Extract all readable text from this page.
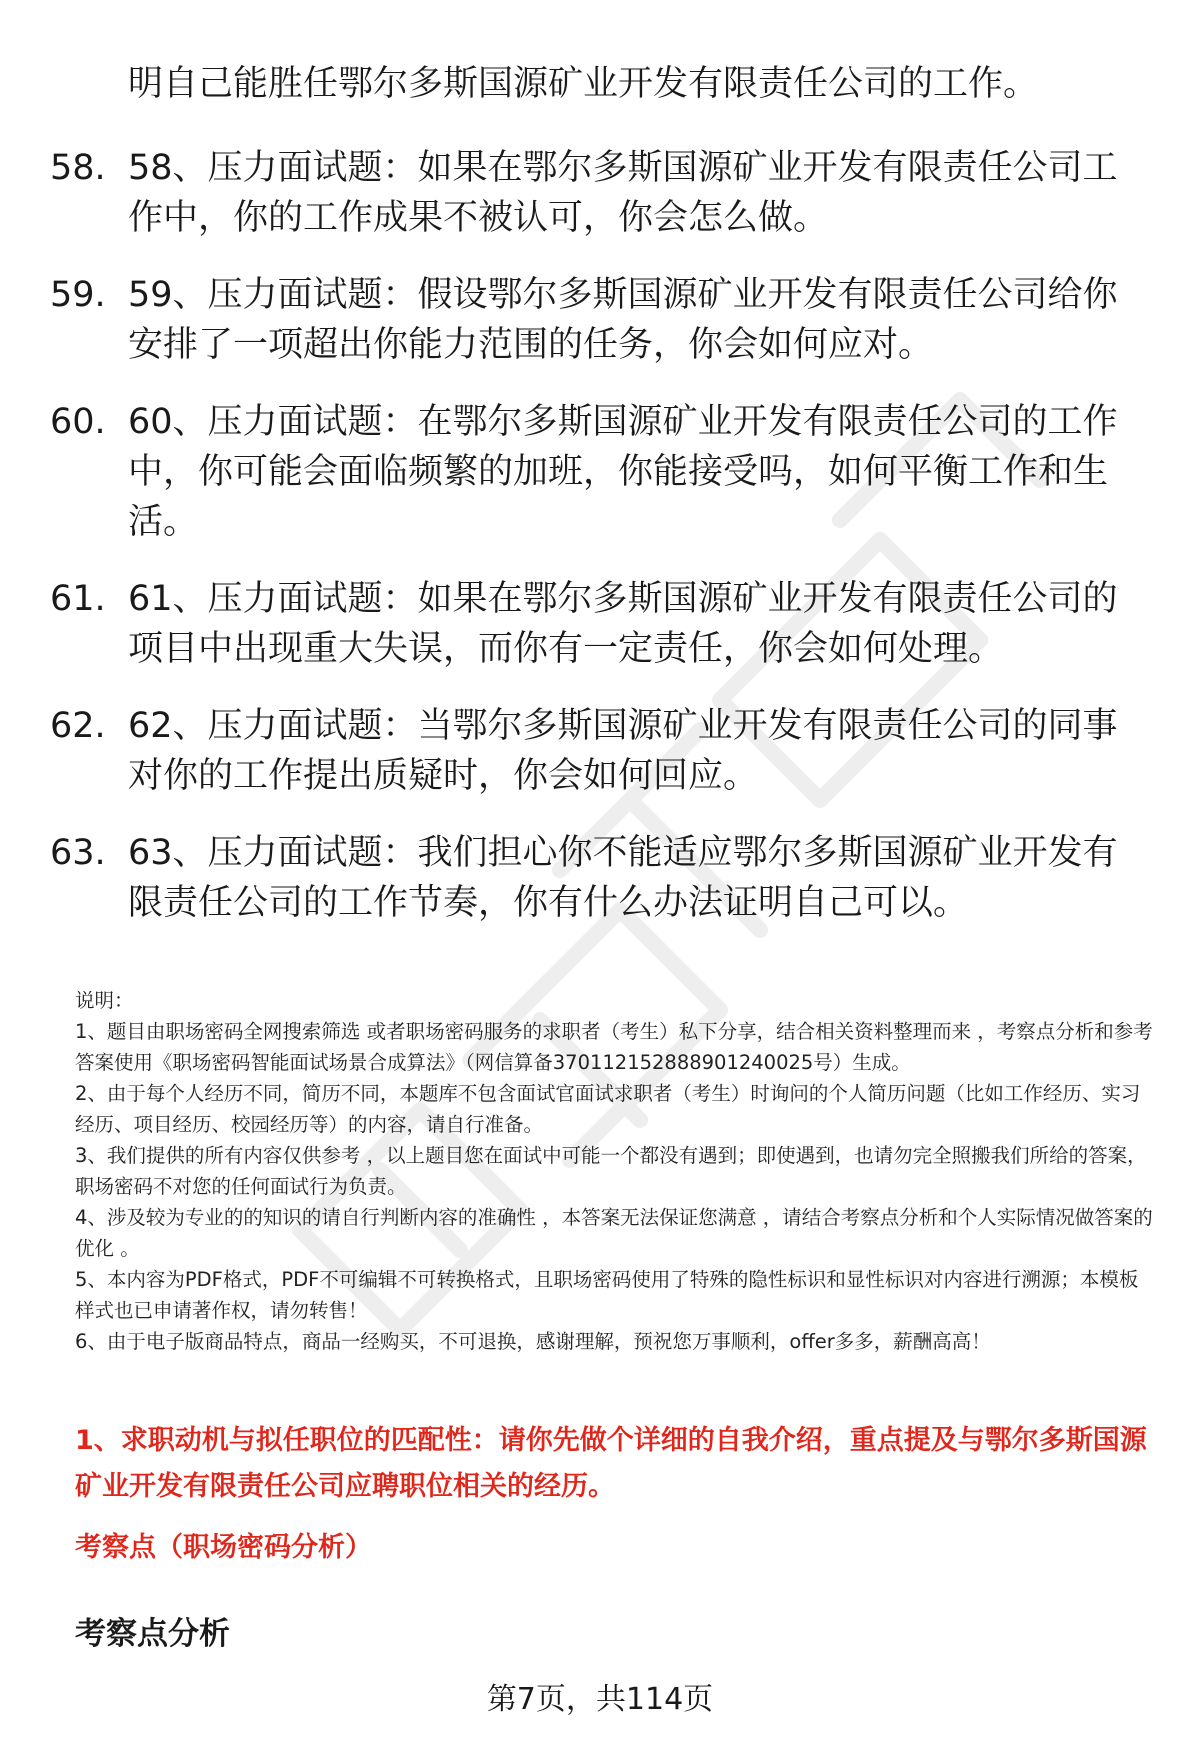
明自己能胜任鄂尔多斯国源矿业开发有限责任公司的工作。

58. 58、压力面试题：如果在鄂尔多斯国源矿业开发有限责任公司工作中，你的工作成果不被认可，你会怎么做。
59. 59、压力面试题：假设鄂尔多斯国源矿业开发有限责任公司给你安排了一项超出你能力范围的任务，你会如何应对。
60. 60、压力面试题：在鄂尔多斯国源矿业开发有限责任公司的工作中，你可能会面临频繁的加班，你能接受吗，如何平衡工作和生活。
61. 61、压力面试题：如果在鄂尔多斯国源矿业开发有限责任公司的项目中出现重大失误，而你有一定责任，你会如何处理。
62. 62、压力面试题：当鄂尔多斯国源矿业开发有限责任公司的同事对你的工作提出质疑时，你会如何回应。
63. 63、压力面试题：我们担心你不能适应鄂尔多斯国源矿业开发有限责任公司的工作节奏，你有什么办法证明自己可以。

说明：

1、题目由职场密码全网搜索筛选 或者职场密码服务的求职者（考生）私下分享，结合相关资料整理而来 ，考察点分析和参考答案使用《职场密码智能面试场景合成算法》（网信算备370112152888901240025号）生成。

2、由于每个人经历不同，简历不同，本题库不包含面试官面试求职者（考生）时询问的个人简历问题（比如工作经历、实习经历、项目经历、校园经历等）的内容，请自行准备。

3、我们提供的所有内容仅供参考 ，以上题目您在面试中可能一个都没有遇到；即使遇到，也请勿完全照搬我们所给的答案，职场密码不对您的任何面试行为负责。

4、涉及较为专业的的知识的请自行判断内容的准确性 ，本答案无法保证您满意 ，请结合考察点分析和个人实际情况做答案的优化 。

5、本内容为PDF格式，PDF不可编辑不可转换格式，且职场密码使用了特殊的隐性标识和显性标识对内容进行溯源；本模板样式也已申请著作权，请勿转售！

6、由于电子版商品特点，商品一经购买，不可退换，感谢理解，预祝您万事顺利，offer多多，薪酬高高！

1、求职动机与拟任职位的匹配性：请你先做个详细的自我介绍，重点提及与鄂尔多斯国源矿业开发有限责任公司应聘职位相关的经历。

考察点（职场密码分析）

考察点分析

第7页，共114页
